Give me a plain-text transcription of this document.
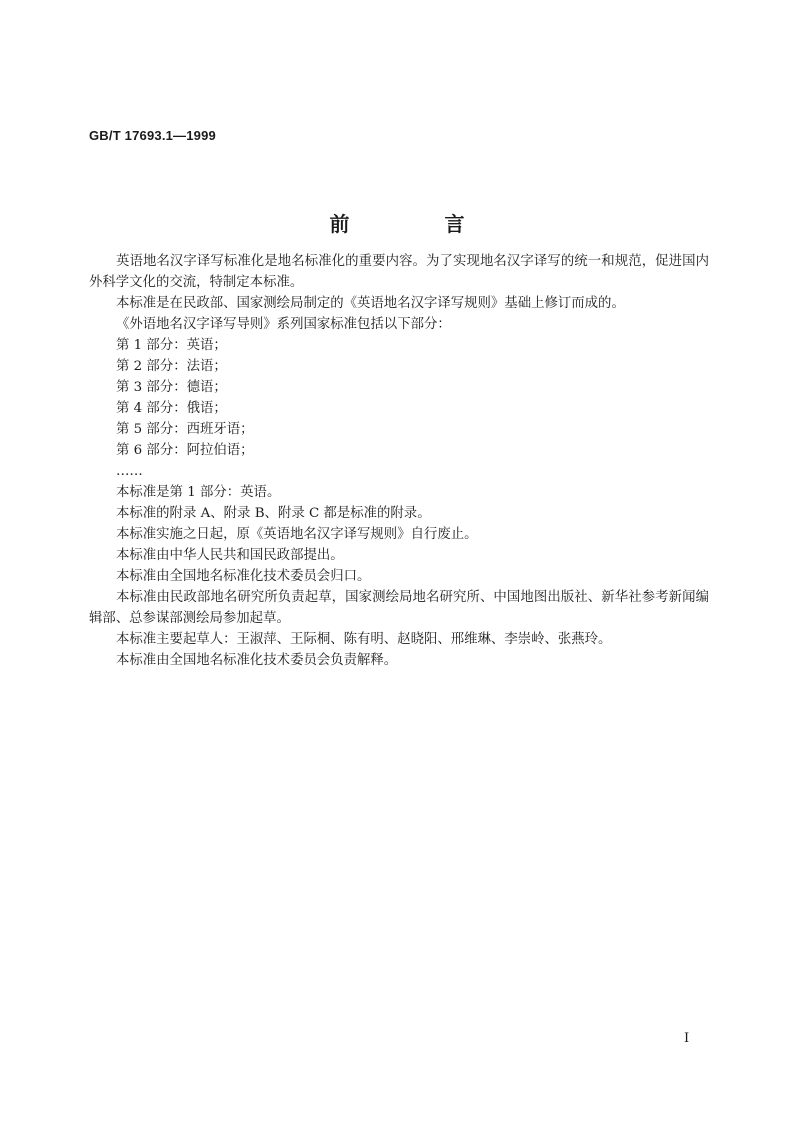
GB/T 17693.1—1999
前 言

英语地名汉字译写标准化是地名标准化的重要内容。为了实现地名汉字译写的统一和规范，促进国内外科学文化的交流，特制定本标准。

本标准是在民政部、国家测绘局制定的《英语地名汉字译写规则》基础上修订而成的。

《外语地名汉字译写导则》系列国家标准包括以下部分：

第 1 部分：英语；

第 2 部分：法语；

第 3 部分：德语；

第 4 部分：俄语；

第 5 部分：西班牙语；

第 6 部分：阿拉伯语；

……

本标准是第 1 部分：英语。

本标准的附录 A、附录 B、附录 C 都是标准的附录。

本标准实施之日起，原《英语地名汉字译写规则》自行废止。

本标准由中华人民共和国民政部提出。

本标准由全国地名标准化技术委员会归口。

本标准由民政部地名研究所负责起草，国家测绘局地名研究所、中国地图出版社、新华社参考新闻编辑部、总参谋部测绘局参加起草。

本标准主要起草人：王淑萍、王际桐、陈有明、赵晓阳、邢维琳、李崇岭、张燕玲。

本标准由全国地名标准化技术委员会负责解释。

I
